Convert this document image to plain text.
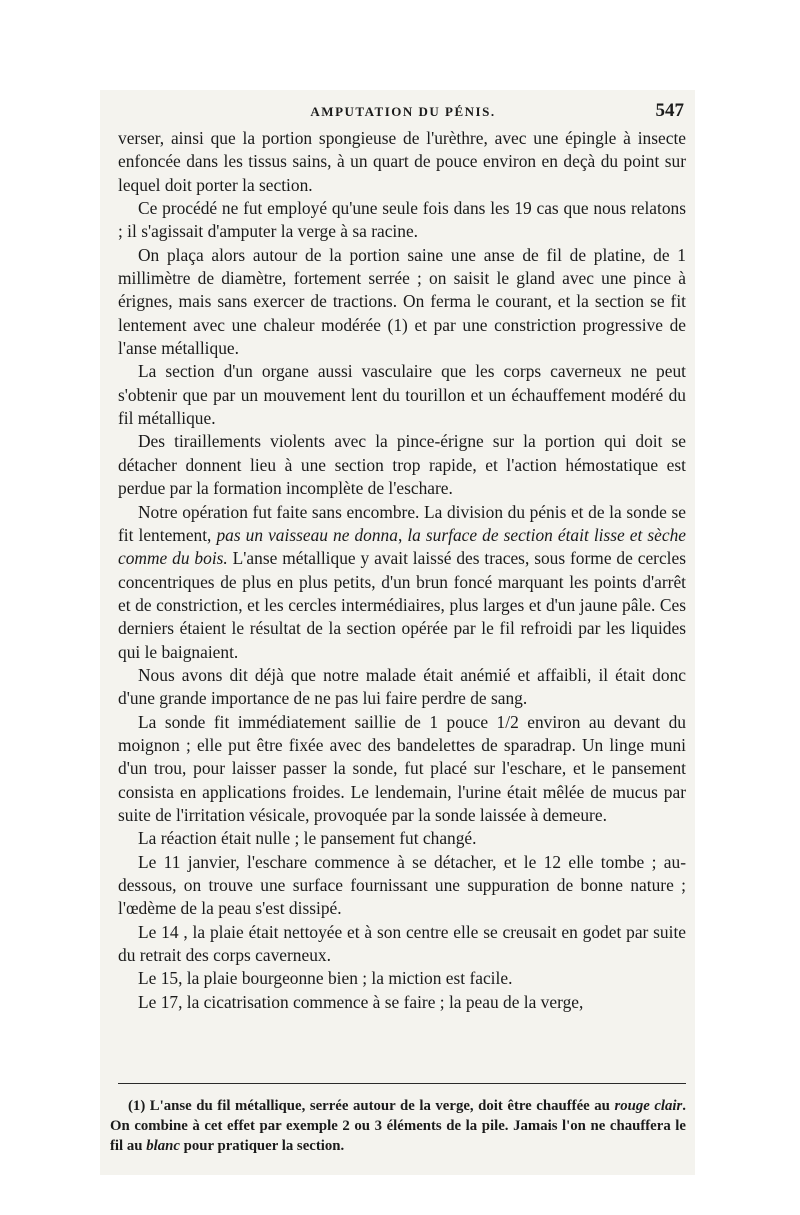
AMPUTATION DU PÉNIS.	547

verser, ainsi que la portion spongieuse de l'urèthre, avec une épingle à insecte enfoncée dans les tissus sains, à un quart de pouce environ en deçà du point sur lequel doit porter la section.

Ce procédé ne fut employé qu'une seule fois dans les 19 cas que nous relatons ; il s'agissait d'amputer la verge à sa racine.

On plaça alors autour de la portion saine une anse de fil de platine, de 1 millimètre de diamètre, fortement serrée ; on saisit le gland avec une pince à érignes, mais sans exercer de tractions. On ferma le courant, et la section se fit lentement avec une chaleur modérée (1) et par une constriction progressive de l'anse métallique.

La section d'un organe aussi vasculaire que les corps caverneux ne peut s'obtenir que par un mouvement lent du tourillon et un échauffement modéré du fil métallique.

Des tiraillements violents avec la pince-érigne sur la portion qui doit se détacher donnent lieu à une section trop rapide, et l'action hémostatique est perdue par la formation incomplète de l'eschare.

Notre opération fut faite sans encombre. La division du pénis et de la sonde se fit lentement, pas un vaisseau ne donna, la surface de section était lisse et sèche comme du bois. L'anse métallique y avait laissé des traces, sous forme de cercles concentriques de plus en plus petits, d'un brun foncé marquant les points d'arrêt et de constriction, et les cercles intermédiaires, plus larges et d'un jaune pâle. Ces derniers étaient le résultat de la section opérée par le fil refroidi par les liquides qui le baignaient.

Nous avons dit déjà que notre malade était anémié et affaibli, il était donc d'une grande importance de ne pas lui faire perdre de sang.

La sonde fit immédiatement saillie de 1 pouce 1/2 environ au devant du moignon ; elle put être fixée avec des bandelettes de sparadrap. Un linge muni d'un trou, pour laisser passer la sonde, fut placé sur l'eschare, et le pansement consista en applications froides. Le lendemain, l'urine était mêlée de mucus par suite de l'irritation vésicale, provoquée par la sonde laissée à demeure.

La réaction était nulle ; le pansement fut changé.

Le 11 janvier, l'eschare commence à se détacher, et le 12 elle tombe ; au-dessous, on trouve une surface fournissant une suppuration de bonne nature ; l'œdème de la peau s'est dissipé.

Le 14 , la plaie était nettoyée et à son centre elle se creusait en godet par suite du retrait des corps caverneux.

Le 15, la plaie bourgeonne bien ; la miction est facile.

Le 17, la cicatrisation commence à se faire ; la peau de la verge,

(1) L'anse du fil métallique, serrée autour de la verge, doit être chauffée au rouge clair. On combine à cet effet par exemple 2 ou 3 éléments de la pile. Jamais l'on ne chauffera le fil au blanc pour pratiquer la section.
